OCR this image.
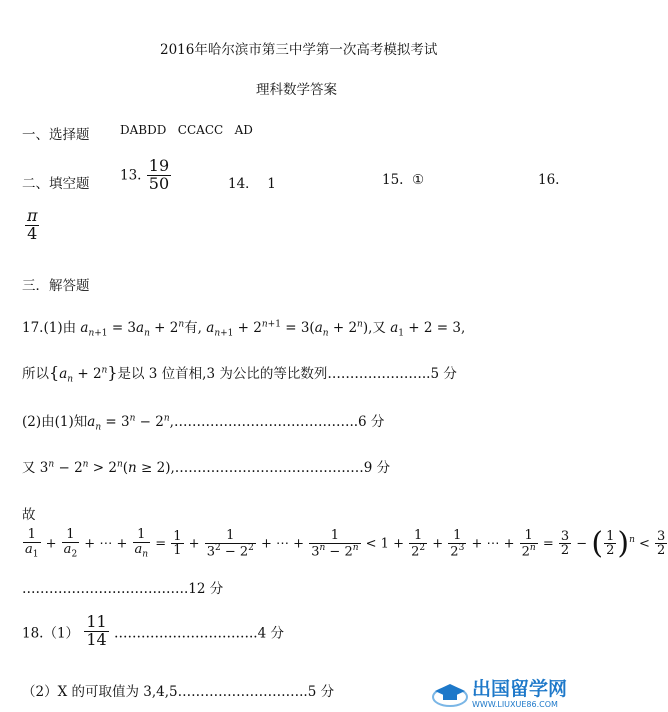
2016年哈尔滨市第三中学第一次高考模拟考试
理科数学答案
一、选择题	DABDD   CCACC   AD
二、填空题
13. $\frac{19}{50}$	14．  1	15.  ①	16.
$\frac{\pi}{4}$
三．解答题
17.(1)由 $a_{n+1} = 3a_n + 2^n$有, $a_{n+1} + 2^{n+1} = 3(a_n + 2^n)$,又 $a_1 + 2 = 3$,
所以$\{a_n + 2^n\}$是以 3 位首相,3 为公比的等比数列…………………..5 分
(2)由(1)知$a_n = 3^n$ − $2^n,\dots\dots\dots\dots\dots\dots\dots\dots\dots\dots\dots\dots\dots..6$ 分
又 $3^n - 2^n > 2^n(n$ ≥ 2),……………………………………9 分
故
$\frac{1}{a_1} + \frac{1}{a_2}$ + ⋯ + $\frac{1}{a_n} = \frac{1}{1} + \frac{1}{3^2 - 2^2}$ + ⋯ + $\frac{1}{3^n - 2^n} < 1 + \frac{1}{2^2} + \frac{1}{2^3}$ + ⋯ + $\frac{1}{2^n} = \frac{3}{2}$ − ( $\frac{1}{2} )^n < \frac{3}{2}$
……………………………….12 分
$18.(1) \frac{11}{14}$ …………………………..4 分
（2）X 的可取值为 3,4,5………………………..5 分	出国留学网
WWW.LIUXUE86.COM
